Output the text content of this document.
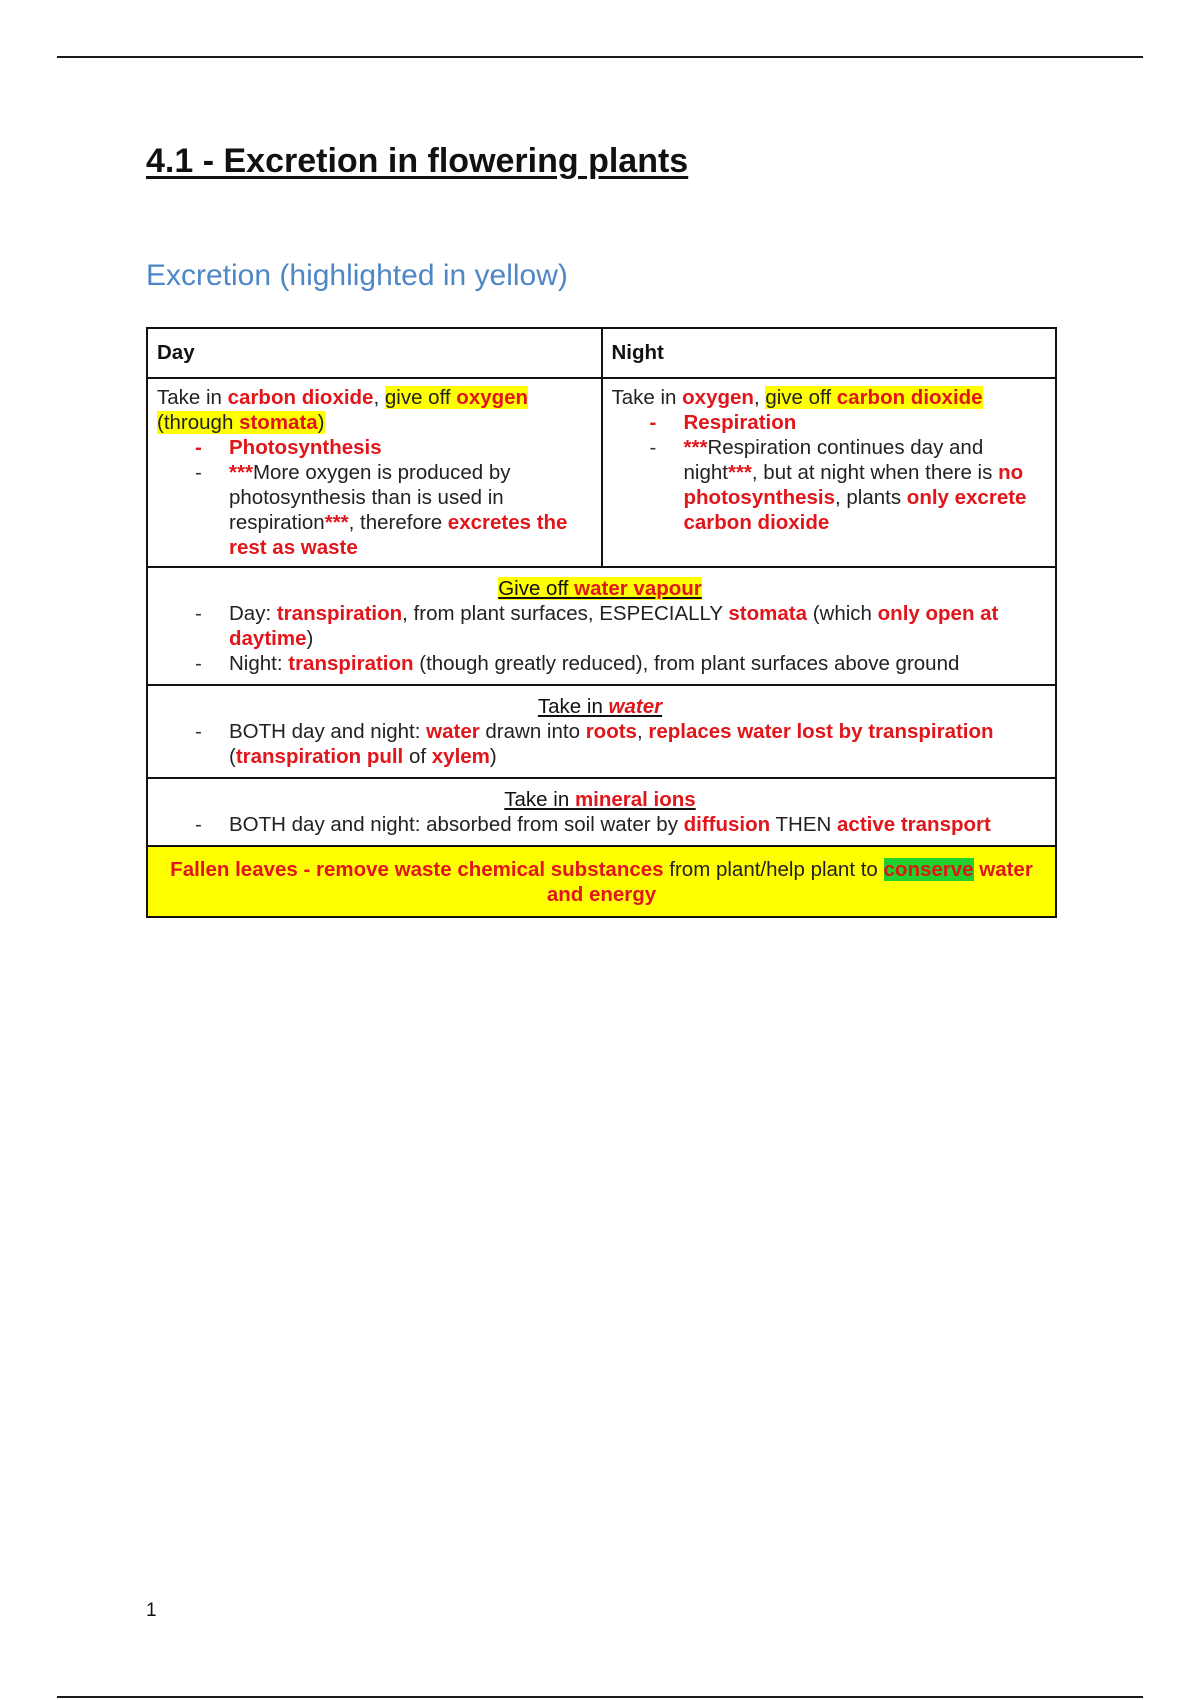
4.1 - Excretion in flowering plants
Excretion (highlighted in yellow)
Day	Night
Take in carbon dioxide, give off oxygen
(through stomata)
- Photosynthesis
- ***More oxygen is produced by photosynthesis than is used in respiration***, therefore excretes the rest as waste
Take in oxygen, give off carbon dioxide
- Respiration
- ***Respiration continues day and night***, but at night when there is no photosynthesis, plants only excrete carbon dioxide
Give off water vapour
- Day: transpiration, from plant surfaces, ESPECIALLY stomata (which only open at daytime)
- Night: transpiration (though greatly reduced), from plant surfaces above ground
Take in water
- BOTH day and night: water drawn into roots, replaces water lost by transpiration (transpiration pull of xylem)
Take in mineral ions
- BOTH day and night: absorbed from soil water by diffusion THEN active transport
Fallen leaves - remove waste chemical substances from plant/help plant to conserve water and energy
1
